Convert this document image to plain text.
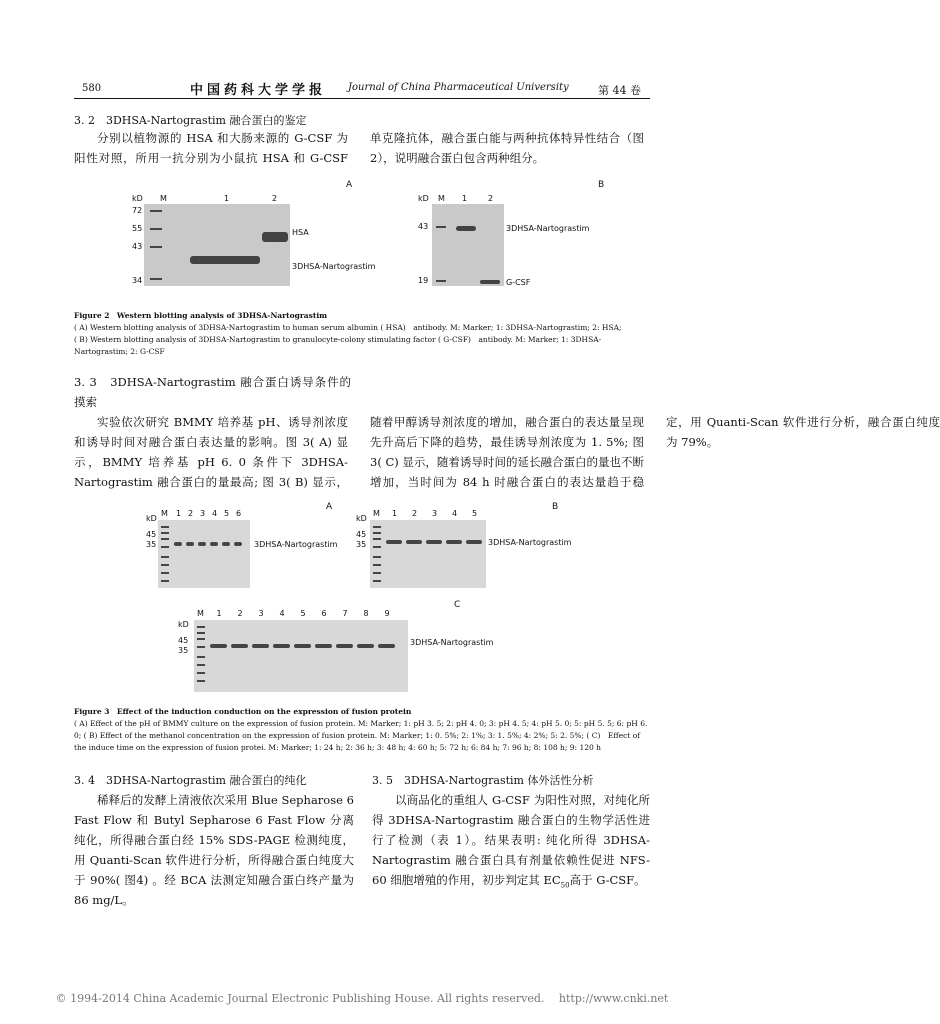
580	中国药科大学学报 Journal of China Pharmaceutical University	第 44 卷
3. 2　3DHSA-Nartograstim 融合蛋白的鉴定
分别以植物源的 HSA 和大肠来源的 G-CSF 为阳性对照，所用一抗分别为小鼠抗 HSA 和 G-CSF 单克隆抗体，融合蛋白能与两种抗体特异性结合（图 2），说明融合蛋白包含两种组分。
A
kD M	1	2
72
55
43
34
HSA
3DHSA-Nartograstim
B
kD M 1	2
43
19
3DHSA-Nartograstim
G-CSF
Figure 2　Western blotting analysis of 3DHSA-Nartograstim
( A) Western blotting analysis of 3DHSA-Nartograstim to human serum albumin ( HSA)　antibody. M: Marker; 1: 3DHSA-Nartograstim; 2: HSA;
( B) Western blotting analysis of 3DHSA-Nartograstim to granulocyte-colony stimulating factor ( G-CSF)　antibody. M: Marker; 1: 3DHSA-Nartograstim; 2: G-CSF
3. 3　3DHSA-Nartograstim 融合蛋白诱导条件的摸索
实验依次研究 BMMY 培养基 pH、诱导剂浓度和诱导时间对融合蛋白表达量的影响。图 3( A) 显示，BMMY 培养基 pH 6. 0 条件下 3DHSA-Nartograstim 融合蛋白的量最高; 图 3( B) 显示，随着甲醇诱导剂浓度的增加，融合蛋白的表达量呈现先升高后下降的趋势，最佳诱导剂浓度为 1. 5%; 图 3( C) 显示，随着诱导时间的延长融合蛋白的量也不断增加，当时间为 84 h 时融合蛋白的表达量趋于稳定，用 Quanti-Scan 软件进行分析，融合蛋白纯度为 79%。
A
kD
45
35	3DHSA-Nartograstim
B
kD
45
35	3DHSA-Nartograstim
C
kD
45
35
3DHSA-Nartograstim
M 1 2 3 4 5 6	M 1 2 3 4 5
M 1 2 3 4 5 6 7 8 9
Figure 3　Effect of the induction conduction on the expression of fusion protein
( A) Effect of the pH of BMMY culture on the expression of fusion protein. M: Marker; 1: pH 3. 5; 2: pH 4. 0; 3: pH 4. 5; 4: pH 5. 0; 5: pH 5. 5; 6: pH 6. 0; ( B) Effect of the methanol concentration on the expression of fusion protein. M: Marker; 1: 0. 5%; 2: 1%; 3: 1. 5%; 4: 2%; 5: 2. 5%; ( C)　Effect of the induce time on the expression of fusion protei. M: Marker; 1: 24 h; 2: 36 h; 3: 48 h; 4: 60 h; 5: 72 h; 6: 84 h; 7: 96 h; 8: 108 h; 9: 120 h
3. 4　3DHSA-Nartograstim 融合蛋白的纯化
稀释后的发酵上清液依次采用 Blue Sepharose 6 Fast Flow 和 Butyl Sepharose 6 Fast Flow 分离纯化，所得融合蛋白经 15% SDS-PAGE 检测纯度，用 Quanti-Scan 软件进行分析，所得融合蛋白纯度大于 90%( 图4) 。经 BCA 法测定知融合蛋白终产量为 86 mg/L。
3. 5　3DHSA-Nartograstim 体外活性分析
以商品化的重组人 G-CSF 为阳性对照，对纯化所得 3DHSA-Nartograstim 融合蛋白的生物学活性进行了检测（表 1）。结果表明: 纯化所得 3DHSA-Nartograstim 融合蛋白具有剂量依赖性促进 NFS-60 细胞增殖的作用，初步判定其 $EC_{50}$高于 G-CSF。
© 1994-2014 China Academic Journal Electronic Publishing House. All rights reserved.　 http://www.cnki.net
